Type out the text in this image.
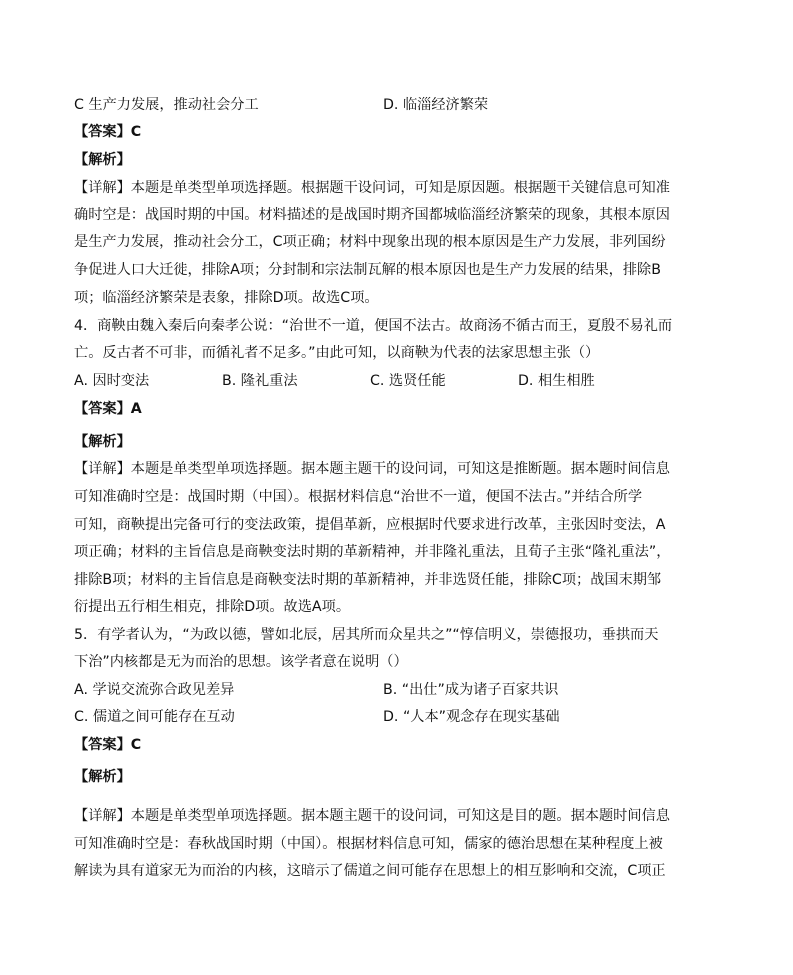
C 生产力发展，推动社会分工	D. 临淄经济繁荣

【答案】C

【解析】

【详解】本题是单类型单项选择题。根据题干设问词，可知是原因题。根据题干关键信息可知准

确时空是：战国时期的中国。材料描述的是战国时期齐国都城临淄经济繁荣的现象，其根本原因

是生产力发展，推动社会分工，C项正确；材料中现象出现的根本原因是生产力发展，非列国纷

争促进人口大迁徙，排除A项；分封制和宗法制瓦解的根本原因也是生产力发展的结果，排除B

项；临淄经济繁荣是表象，排除D项。故选C项。

4．商鞅由魏入秦后向秦孝公说：“治世不一道，便国不法古。故商汤不循古而王，夏殷不易礼而

亡。反古者不可非，而循礼者不足多。”由此可知，以商鞅为代表的法家思想主张（）

A. 因时变法	B. 隆礼重法	C. 选贤任能	D. 相生相胜

【答案】A

【解析】

【详解】本题是单类型单项选择题。据本题主题干的设问词，可知这是推断题。据本题时间信息

可知准确时空是：战国时期（中国）。根据材料信息“治世不一道，便国不法古。”并结合所学

可知，商鞅提出完备可行的变法政策，提倡革新，应根据时代要求进行改革，主张因时变法，A

项正确；材料的主旨信息是商鞅变法时期的革新精神，并非隆礼重法，且荀子主张“隆礼重法”，

排除B项；材料的主旨信息是商鞅变法时期的革新精神，并非选贤任能，排除C项；战国末期邹

衍提出五行相生相克，排除D项。故选A项。

5．有学者认为，“为政以德，譬如北辰，居其所而众星共之”“惇信明义，崇德报功，垂拱而天

下治”内核都是无为而治的思想。该学者意在说明（）

A. 学说交流弥合政见差异	B. “出仕”成为诸子百家共识

C. 儒道之间可能存在互动	D. “人本”观念存在现实基础

【答案】C

【解析】

【详解】本题是单类型单项选择题。据本题主题干的设问词，可知这是目的题。据本题时间信息

可知准确时空是：春秋战国时期（中国）。根据材料信息可知，儒家的德治思想在某种程度上被

解读为具有道家无为而治的内核，这暗示了儒道之间可能存在思想上的相互影响和交流，C项正
